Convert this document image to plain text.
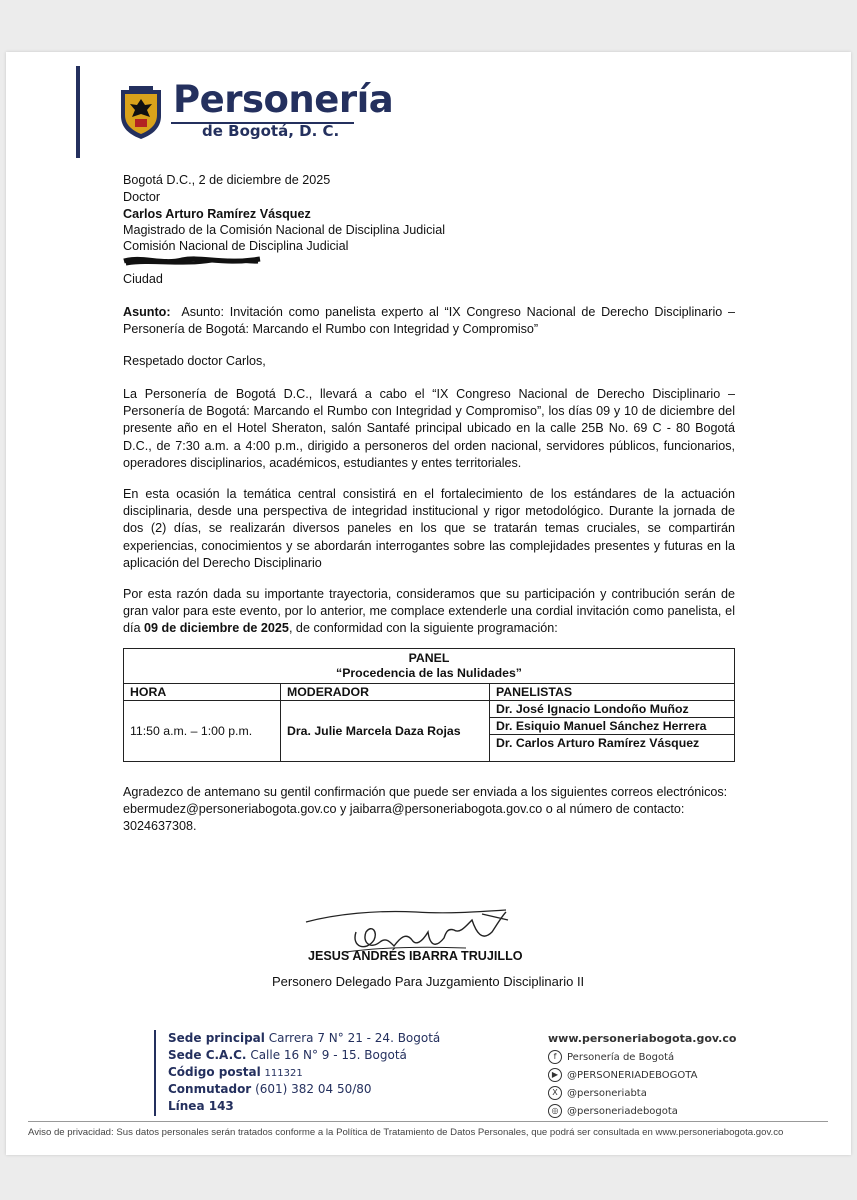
Personería
de Bogotá, D. C.
Bogotá D.C., 2 de diciembre de 2025
Doctor
Carlos Arturo Ramírez Vásquez
Magistrado de la Comisión Nacional de Disciplina Judicial
Comisión Nacional de Disciplina Judicial
Ciudad
Asunto: Asunto: Invitación como panelista experto al “IX Congreso Nacional de Derecho Disciplinario – Personería de Bogotá: Marcando el Rumbo con Integridad y Compromiso”
Respetado doctor Carlos,
La Personería de Bogotá D.C., llevará a cabo el “IX Congreso Nacional de Derecho Disciplinario – Personería de Bogotá: Marcando el Rumbo con Integridad y Compromiso”, los días 09 y 10 de diciembre del presente año en el Hotel Sheraton, salón Santafé principal ubicado en la calle 25B No. 69 C - 80 Bogotá D.C., de 7:30 a.m. a 4:00 p.m., dirigido a personeros del orden nacional, servidores públicos, funcionarios, operadores disciplinarios, académicos, estudiantes y entes territoriales.
En esta ocasión la temática central consistirá en el fortalecimiento de los estándares de la actuación disciplinaria, desde una perspectiva de integridad institucional y rigor metodológico. Durante la jornada de dos (2) días, se realizarán diversos paneles en los que se tratarán temas cruciales, se compartirán experiencias, conocimientos y se abordarán interrogantes sobre las complejidades presentes y futuras en la aplicación del Derecho Disciplinario
Por esta razón dada su importante trayectoria, consideramos que su participación y contribución serán de gran valor para este evento, por lo anterior, me complace extenderle una cordial invitación como panelista, el día 09 de diciembre de 2025, de conformidad con la siguiente programación:
PANEL
“Procedencia de las Nulidades”		

HORA	MODERADOR	PANELISTAS
11:50 a.m. – 1:00 p.m.	Dra. Julie Marcela Daza Rojas	Dr. José Ignacio Londoño Muñoz
		Dr. Esiquio Manuel Sánchez Herrera
		Dr. Carlos Arturo Ramírez Vásquez
Agradezco de antemano su gentil confirmación que puede ser enviada a los siguientes correos electrónicos: ebermudez@personeriabogota.gov.co y jaibarra@personeriabogota.gov.co o al número de contacto: 3024637308.
JESUS ANDRÉS IBARRA TRUJILLO
Personero Delegado Para Juzgamiento Disciplinario II
Sede principal Carrera 7 N° 21 - 24. Bogotá
Sede C.A.C. Calle 16 N° 9 - 15. Bogotá
Código postal 111321
Conmutador (601) 382 04 50/80
Línea 143
www.personeriabogota.gov.co
f	Personería de Bogotá
▶ @PERSONERIADEBOGOTA
X @personeriabta
◎ @personeriadebogota
Aviso de privacidad: Sus datos personales serán tratados conforme a la Política de Tratamiento de Datos Personales, que podrá ser consultada en www.personeriabogota.gov.co
